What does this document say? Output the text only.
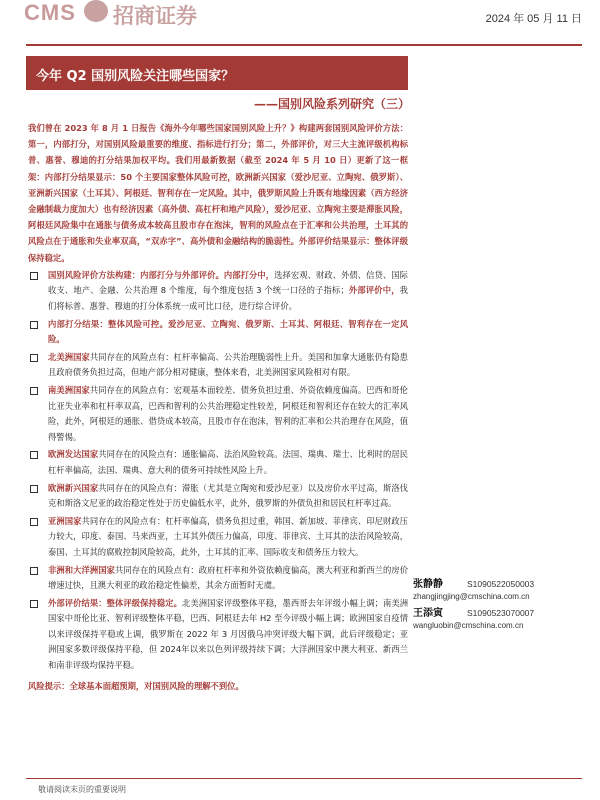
CMS 招商证券	2024 年 05 月 11 日
今年 Q2 国别风险关注哪些国家？
——国别风险系列研究（三）

我们曾在 2023 年 8 月 1 日报告《海外今年哪些国家国别风险上升？》构建两套国别风险评价方法：第一，内部打分，对国别风险最重要的维度、指标进行打分；第二，外部评价，对三大主流评级机构标普、惠誉、穆迪的打分结果加权平均。我们用最新数据（截至 2024 年 5 月 10 日）更新了这一框架：内部打分结果显示：50 个主要国家整体风险可控，欧洲新兴国家（爱沙尼亚、立陶宛、俄罗斯）、亚洲新兴国家（土耳其）、阿根廷、智利存在一定风险。其中，俄罗斯风险上升既有地缘因素（西方经济金融制裁力度加大）也有经济因素（高外债、高杠杆和地产风险），爱沙尼亚、立陶宛主要是滞胀风险，阿根廷风险集中在通胀与债务成本较高且股市存在泡沫，智利的风险点在于汇率和公共治理，土耳其的风险点在于通胀和失业率双高，“双赤字”、高外债和金融结构的脆弱性。外部评价结果显示：整体评级保持稳定。

国别风险评价方法构建：内部打分与外部评价。内部打分中，选择宏观、财政、外债、信贷、国际收支、地产、金融、公共治理 8 个维度，每个维度包括 3 个统一口径的子指标；外部评价中，我们将标普、惠誉、穆迪的打分体系统一成可比口径，进行综合评价。
内部打分结果：整体风险可控。爱沙尼亚、立陶宛、俄罗斯、土耳其、阿根廷、智利存在一定风险。
北美洲国家共同存在的风险点有：杠杆率偏高、公共治理脆弱性上升。美国和加拿大通胀仍有隐患且政府债务负担过高，但地产部分相对健康，整体来看，北美洲国家风险相对有限。
南美洲国家共同存在的风险点有：宏观基本面较差、债务负担过重、外资依赖度偏高。巴西和哥伦比亚失业率和杠杆率双高，巴西和智利的公共治理稳定性较差，阿根廷和智利还存在较大的汇率风险，此外，阿根廷的通胀、借贷成本较高，且股市存在泡沫，智利的汇率和公共治理存在风险，值得警惕。
欧洲发达国家共同存在的风险点有：通胀偏高、法治风险较高。法国、瑞典、瑞士、比利时的居民杠杆率偏高，法国、瑞典、意大利的债务可持续性风险上升。
欧洲新兴国家共同存在的风险点有：滞胀（尤其是立陶宛和爱沙尼亚）以及房价水平过高，斯洛伐克和斯洛文尼亚的政治稳定性处于历史偏低水平，此外，俄罗斯的外债负担和居民杠杆率过高。
亚洲国家共同存在的风险点有：杠杆率偏高，债务负担过重，韩国、新加坡、菲律宾、印尼财政压力较大，印度、泰国、马来西亚，土耳其外债压力偏高，印度、菲律宾、土耳其的法治风险较高，泰国、土耳其的腐败控制风险较高，此外，土耳其的汇率、国际收支和债务压力较大。
非洲和大洋洲国家共同存在的风险点有：政府杠杆率和外资依赖度偏高，澳大利亚和新西兰的房价增速过快，且澳大利亚的政治稳定性偏差，其余方面暂时无虞。
外部评价结果：整体评级保持稳定。北美洲国家评级整体平稳，墨西哥去年评级小幅上调；南美洲国家中哥伦比亚、智利评级整体平稳，巴西、阿根廷去年 H2 至今评级小幅上调；欧洲国家自疫情以来评级保持平稳或上调，俄罗斯在 2022 年 3 月因俄乌冲突评级大幅下调，此后评级稳定；亚洲国家多数评级保持平稳，但 2024年以来以色列评级持续下调；大洋洲国家中澳大利亚、新西兰和南非评级均保持平稳。
风险提示：全球基本面超预期，对国别风险的理解不到位。
张静静	S1090522050003
zhangjingjing@cmschina.com.cn
王添寅	S1090523070007
wangluobin@cmschina.com.cn
敬请阅读末页的重要说明
